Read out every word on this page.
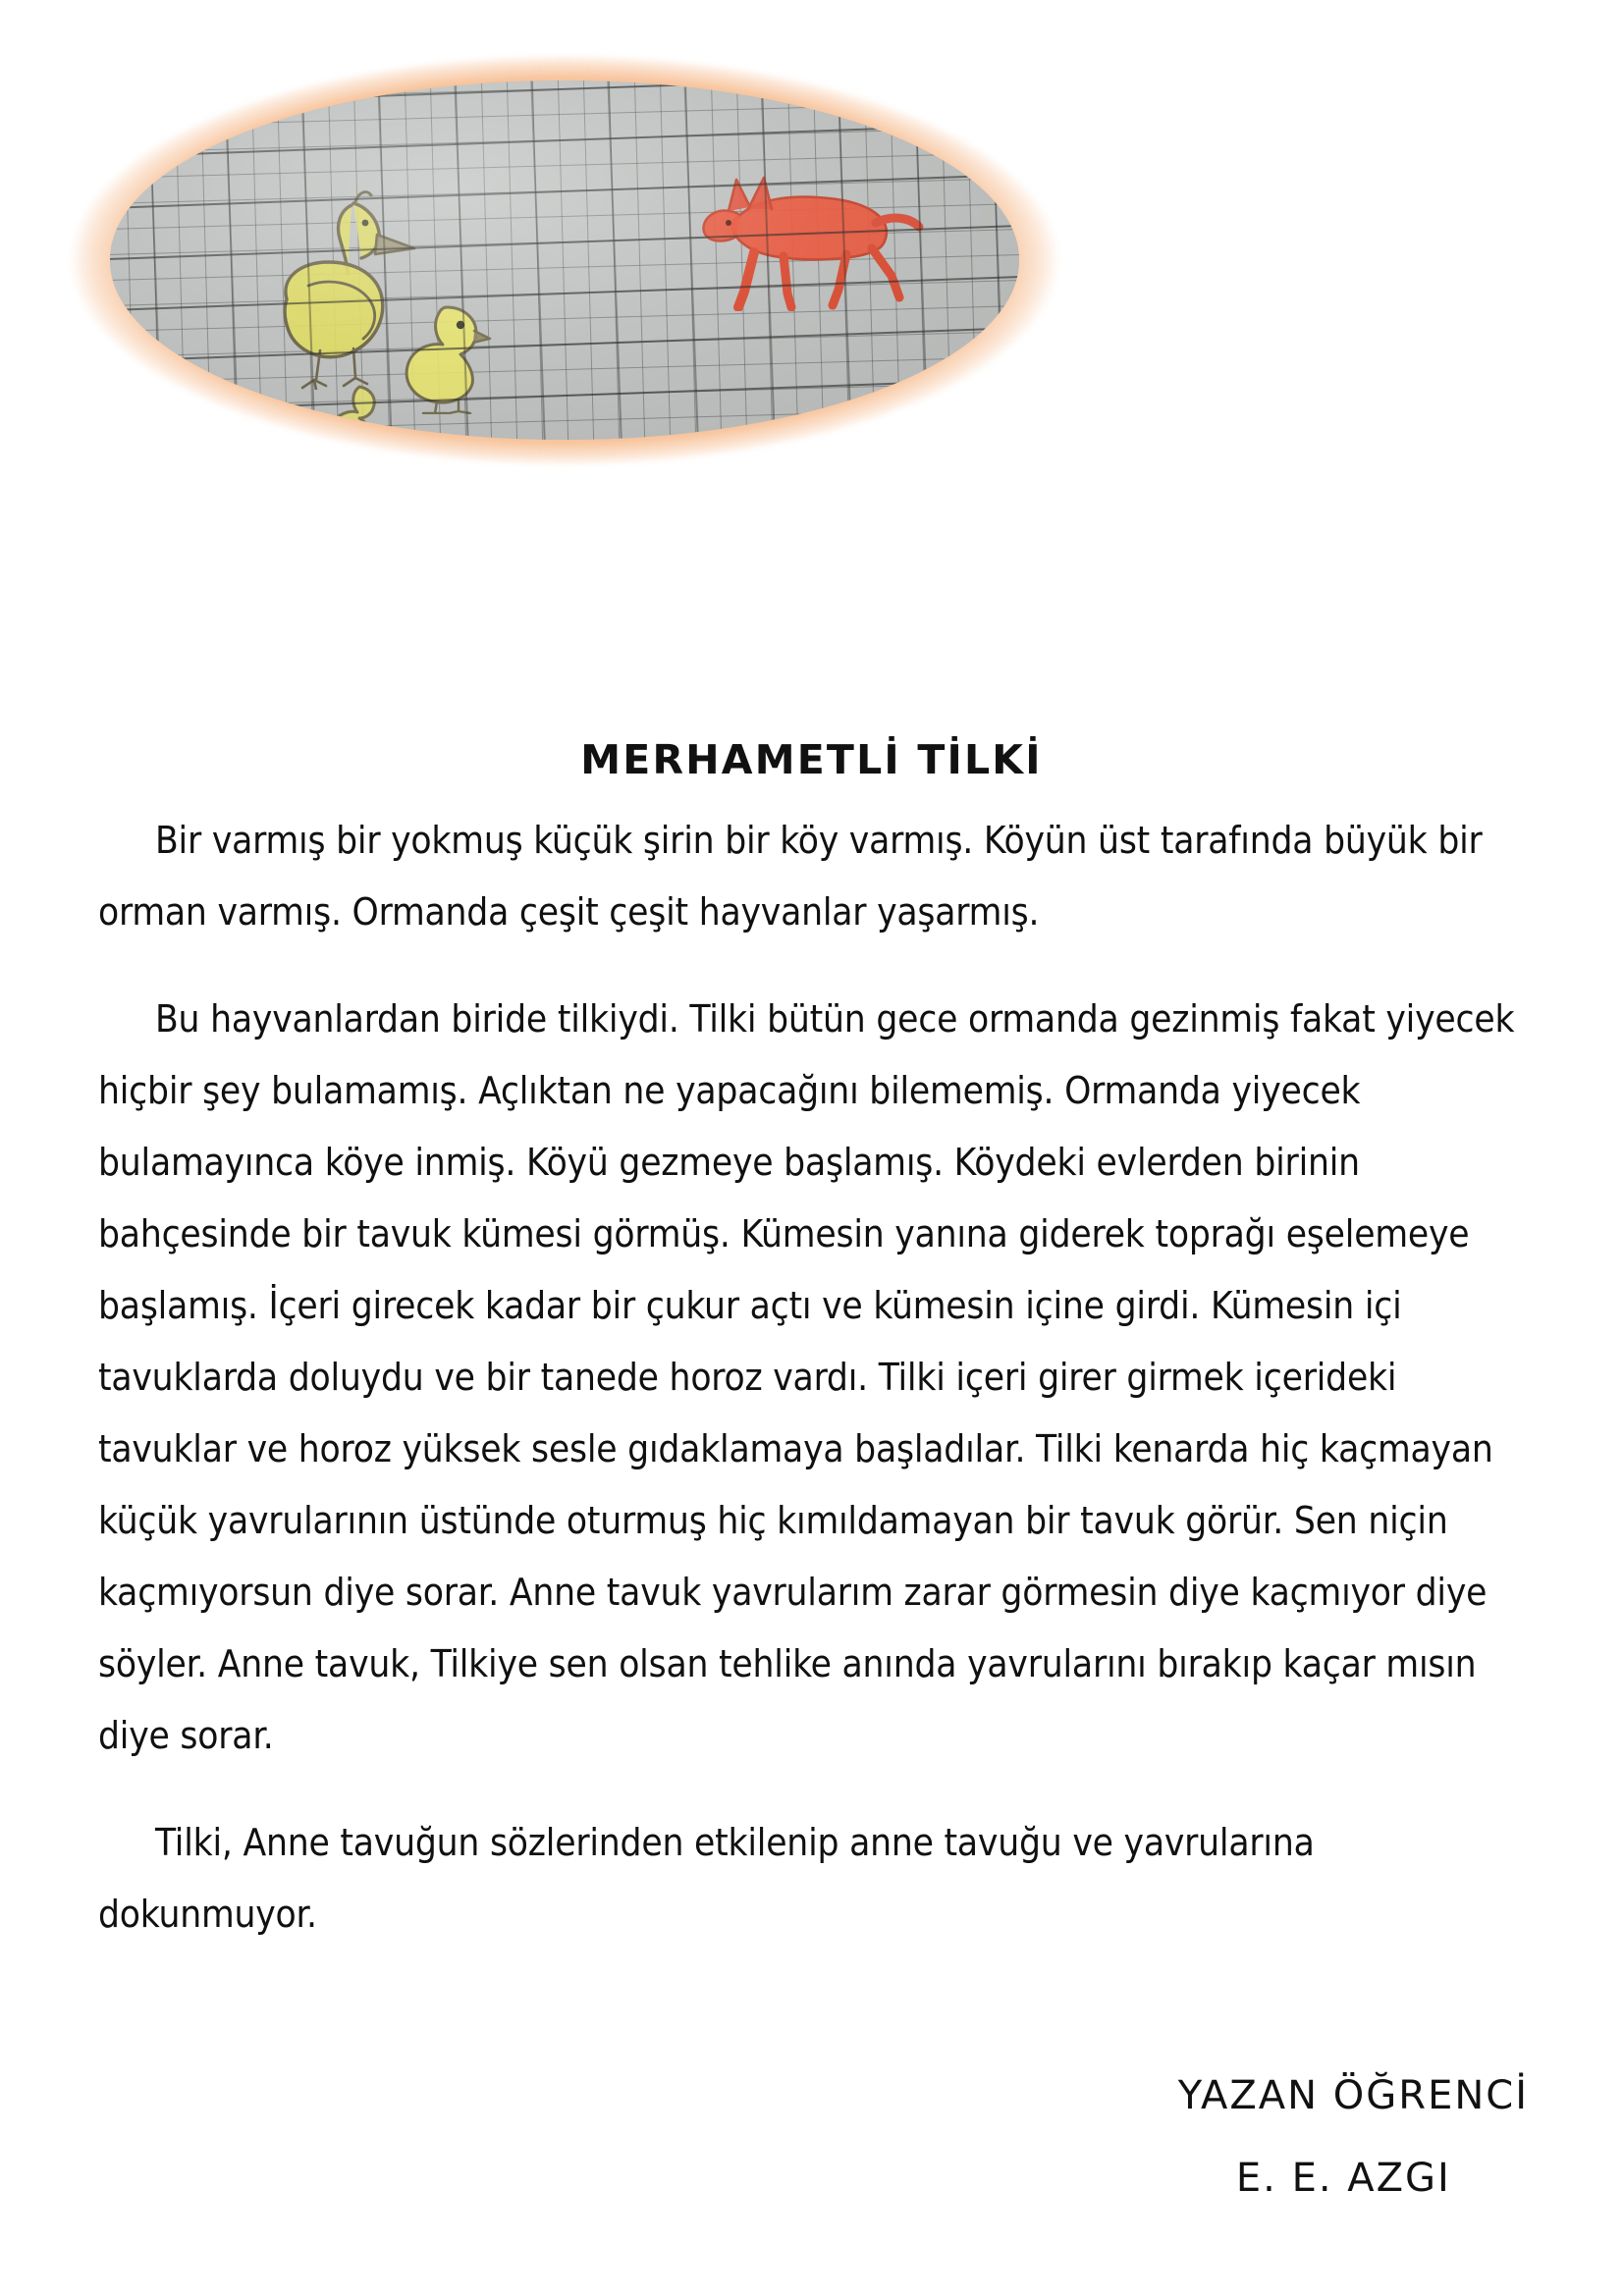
MERHAMETLİ TİLKİ

Bir varmış bir yokmuş küçük şirin bir köy varmış. Köyün üst tarafında büyük bir orman varmış. Ormanda çeşit çeşit hayvanlar yaşarmış.

Bu hayvanlardan biride tilkiydi. Tilki bütün gece ormanda gezinmiş fakat yiyecek hiçbir şey bulamamış. Açlıktan ne yapacağını bilememiş. Ormanda yiyecek bulamayınca köye inmiş. Köyü gezmeye başlamış. Köydeki evlerden birinin bahçesinde bir tavuk kümesi görmüş. Kümesin yanına giderek toprağı eşelemeye başlamış. İçeri girecek kadar bir çukur açtı ve kümesin içine girdi. Kümesin içi tavuklarda doluydu ve bir tanede horoz vardı. Tilki içeri girer girmek içerideki tavuklar ve horoz yüksek sesle gıdaklamaya başladılar. Tilki kenarda hiç kaçmayan küçük yavrularının üstünde oturmuş hiç kımıldamayan bir tavuk görür. Sen niçin kaçmıyorsun diye sorar. Anne tavuk yavrularım zarar görmesin diye kaçmıyor diye söyler. Anne tavuk, Tilkiye sen olsan tehlike anında yavrularını bırakıp kaçar mısın diye sorar.

Tilki, Anne tavuğun sözlerinden etkilenip anne tavuğu ve yavrularına dokunmuyor.

YAZAN ÖĞRENCİ
E. E. AZGI
